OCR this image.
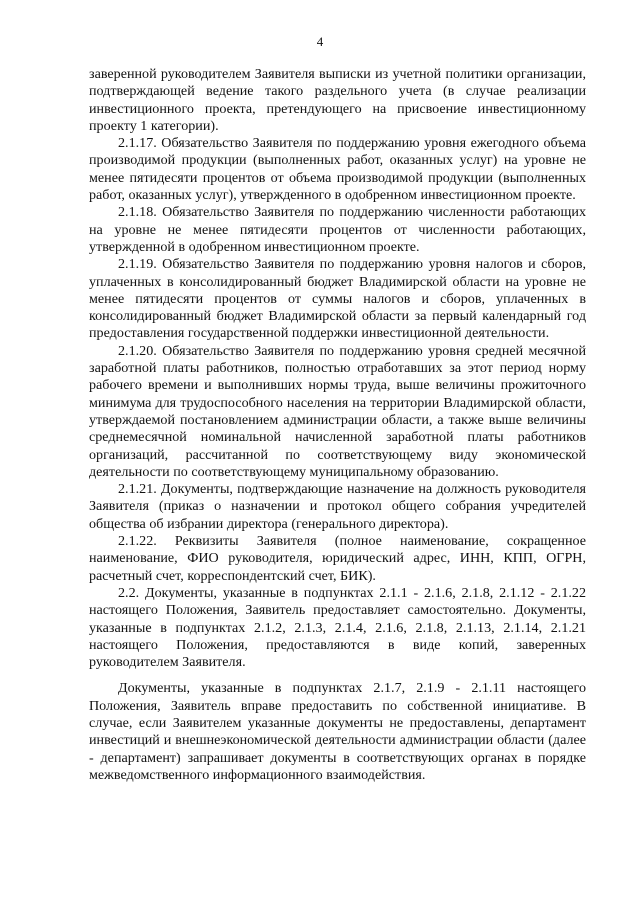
4

заверенной руководителем Заявителя выписки из учетной политики организации, подтверждающей ведение такого раздельного учета (в случае реализации инвестиционного проекта, претендующего на присвоение инвестиционному проекту 1 категории).

2.1.17. Обязательство Заявителя по поддержанию уровня ежегодного объема производимой продукции (выполненных работ, оказанных услуг) на уровне не менее пятидесяти процентов от объема производимой продукции (выполненных работ, оказанных услуг), утвержденного в одобренном инвестиционном проекте.

2.1.18. Обязательство Заявителя по поддержанию численности работающих на уровне не менее пятидесяти процентов от численности работающих, утвержденной в одобренном инвестиционном проекте.

2.1.19. Обязательство Заявителя по поддержанию уровня налогов и сборов, уплаченных в консолидированный бюджет Владимирской области на уровне не менее пятидесяти процентов от суммы налогов и сборов, уплаченных в консолидированный бюджет Владимирской области за первый календарный год предоставления государственной поддержки инвестиционной деятельности.

2.1.20. Обязательство Заявителя по поддержанию уровня средней месячной заработной платы работников, полностью отработавших за этот период норму рабочего времени и выполнивших нормы труда, выше величины прожиточного минимума для трудоспособного населения на территории Владимирской области, утверждаемой постановлением администрации области, а также выше величины среднемесячной номинальной начисленной заработной платы работников организаций, рассчитанной по соответствующему виду экономической деятельности по соответствующему муниципальному образованию.

2.1.21. Документы, подтверждающие назначение на должность руководителя Заявителя (приказ о назначении и протокол общего собрания учредителей общества об избрании директора (генерального директора).

2.1.22. Реквизиты Заявителя (полное наименование, сокращенное наименование, ФИО руководителя, юридический адрес, ИНН, КПП, ОГРН, расчетный счет, корреспондентский счет, БИК).

2.2. Документы, указанные в подпунктах 2.1.1 - 2.1.6, 2.1.8, 2.1.12 - 2.1.22 настоящего Положения, Заявитель предоставляет самостоятельно. Документы, указанные в подпунктах 2.1.2, 2.1.3, 2.1.4, 2.1.6, 2.1.8, 2.1.13, 2.1.14, 2.1.21 настоящего Положения, предоставляются в виде копий, заверенных руководителем Заявителя.

Документы, указанные в подпунктах 2.1.7, 2.1.9 - 2.1.11 настоящего Положения, Заявитель вправе предоставить по собственной инициативе. В случае, если Заявителем указанные документы не предоставлены, департамент инвестиций и внешнеэкономической деятельности администрации области (далее - департамент) запрашивает документы в соответствующих органах в порядке межведомственного информационного взаимодействия.
